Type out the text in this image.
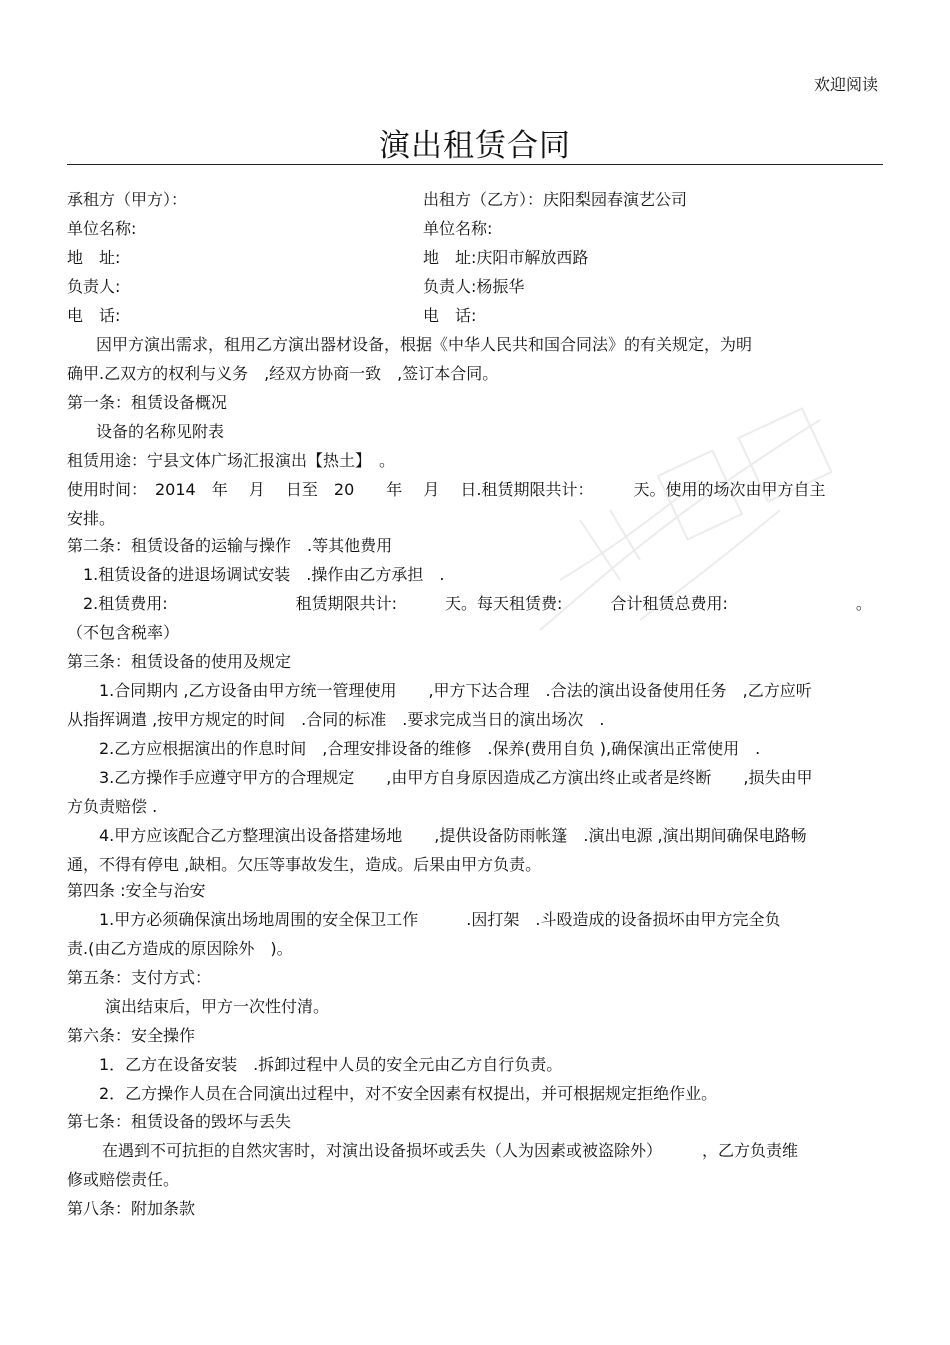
欢迎阅读
演出租赁合同
承租方（甲方）：	出租方（乙方）：庆阳梨园春演艺公司
单位名称:	单位名称:
地　址:	地　址:庆阳市解放西路
负责人:	负责人:杨振华
电　话:	电　话:
因甲方演出需求，租用乙方演出器材设备，根据《中华人民共和国合同法》的有关规定，为明
确甲.乙双方的权利与义务　,经双方协商一致　,签订本合同。
第一条：租赁设备概况
设备的名称见附表
租赁用途：宁县文体广场汇报演出【热土】　。
使用时间：　2014　年　 月　 日至　20　　年　 月　 日.租赁期限共计：　　　天。使用的场次由甲方自主
安排。
第二条：租赁设备的运输与操作　.等其他费用
1.租赁设备的进退场调试安装　.操作由乙方承担　.
2.租赁费用:　　　　　　　　租赁期限共计:　　　天。每天租赁费:　　　合计租赁总费用:　　　　　　　　。
（不包含税率）
第三条：租赁设备的使用及规定
1.合同期内 ,乙方设备由甲方统一管理使用　　,甲方下达合理　.合法的演出设备使用任务　,乙方应听
从指挥调遣 ,按甲方规定的时间　.合同的标准　.要求完成当日的演出场次　.
2.乙方应根据演出的作息时间　,合理安排设备的维修　.保养(费用自负 ),确保演出正常使用　.
3.乙方操作手应遵守甲方的合理规定　　,由甲方自身原因造成乙方演出终止或者是终断　　,损失由甲
方负责赔偿 .
4.甲方应该配合乙方整理演出设备搭建场地　　,提供设备防雨帐篷　.演出电源 ,演出期间确保电路畅
通，不得有停电 ,缺相。欠压等事故发生，造成。后果由甲方负责。
第四条 :安全与治安
1.甲方必须确保演出场地周围的安全保卫工作　　　.因打架　.斗殴造成的设备损坏由甲方完全负
责.(由乙方造成的原因除外　)。
第五条：支付方式：
演出结束后，甲方一次性付清。
第六条：安全操作
1．乙方在设备安装　.拆卸过程中人员的安全元由乙方自行负责。
2．乙方操作人员在合同演出过程中，对不安全因素有权提出，并可根据规定拒绝作业。
第七条：租赁设备的毁坏与丢失
在遇到不可抗拒的自然灾害时，对演出设备损坏或丢失（人为因素或被盗除外）　　　，乙方负责维
修或赔偿责任。
第八条：附加条款
